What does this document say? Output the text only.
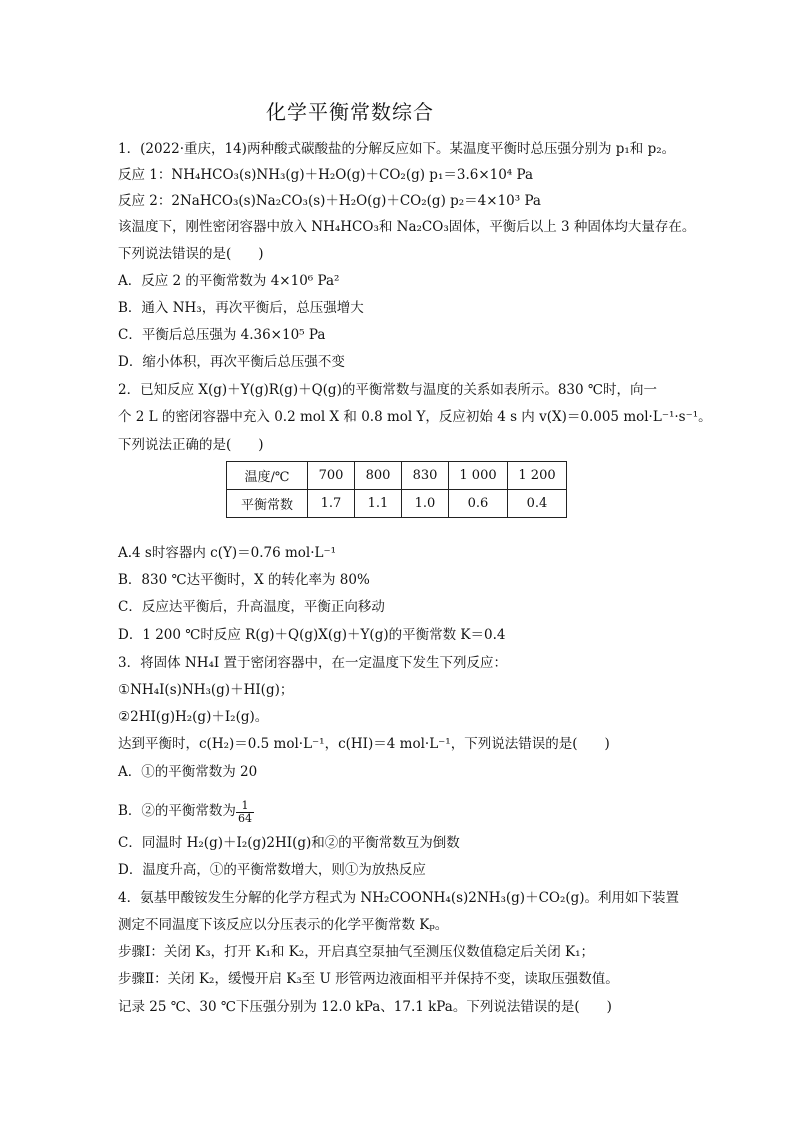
化学平衡常数综合
1．(2022·重庆，14)两种酸式碳酸盐的分解反应如下。某温度平衡时总压强分别为 p₁和 p₂。
反应 1：NH₄HCO₃(s)NH₃(g)＋H₂O(g)＋CO₂(g) p₁＝3.6×10⁴ Pa
反应 2：2NaHCO₃(s)Na₂CO₃(s)＋H₂O(g)＋CO₂(g) p₂＝4×10³ Pa
该温度下，刚性密闭容器中放入 NH₄HCO₃和 Na₂CO₃固体，平衡后以上 3 种固体均大量存在。
下列说法错误的是(　　)
A．反应 2 的平衡常数为 4×10⁶ Pa²
B．通入 NH₃，再次平衡后，总压强增大
C．平衡后总压强为 4.36×10⁵ Pa
D．缩小体积，再次平衡后总压强不变
2．已知反应 X(g)＋Y(g)R(g)＋Q(g)的平衡常数与温度的关系如表所示。830 ℃时，向一
个 2 L 的密闭容器中充入 0.2 mol X 和 0.8 mol Y，反应初始 4 s 内 v(X)＝0.005 mol·L⁻¹·s⁻¹。
下列说法正确的是(　　)
温度/℃	700	800	830	1 000	1 200
平衡常数	1.7	1.1	1.0	0.6	0.4
A.4 s时容器内 c(Y)＝0.76 mol·L⁻¹
B．830 ℃达平衡时，X 的转化率为 80%
C．反应达平衡后，升高温度，平衡正向移动
D．1 200 ℃时反应 R(g)＋Q(g)X(g)＋Y(g)的平衡常数 K＝0.4
3．将固体 NH₄I 置于密闭容器中，在一定温度下发生下列反应：
①NH₄I(s)NH₃(g)＋HI(g)；
②2HI(g)H₂(g)＋I₂(g)。
达到平衡时，c(H₂)＝0.5 mol·L⁻¹，c(HI)＝4 mol·L⁻¹，下列说法错误的是(　　)
A．①的平衡常数为 20
B．②的平衡常数为 $\frac{1}{64}$
C．同温时 H₂(g)＋I₂(g)2HI(g)和②的平衡常数互为倒数
D．温度升高，①的平衡常数增大，则①为放热反应
4．氨基甲酸铵发生分解的化学方程式为 NH₂COONH₄(s)2NH₃(g)＋CO₂(g)。利用如下装置
测定不同温度下该反应以分压表示的化学平衡常数 Kₚ。
步骤Ⅰ：关闭 K₃，打开 K₁和 K₂，开启真空泵抽气至测压仪数值稳定后关闭 K₁；
步骤Ⅱ：关闭 K₂，缓慢开启 K₃至 U 形管两边液面相平并保持不变，读取压强数值。
记录 25 ℃、30 ℃下压强分别为 12.0 kPa、17.1 kPa。下列说法错误的是(　　)
